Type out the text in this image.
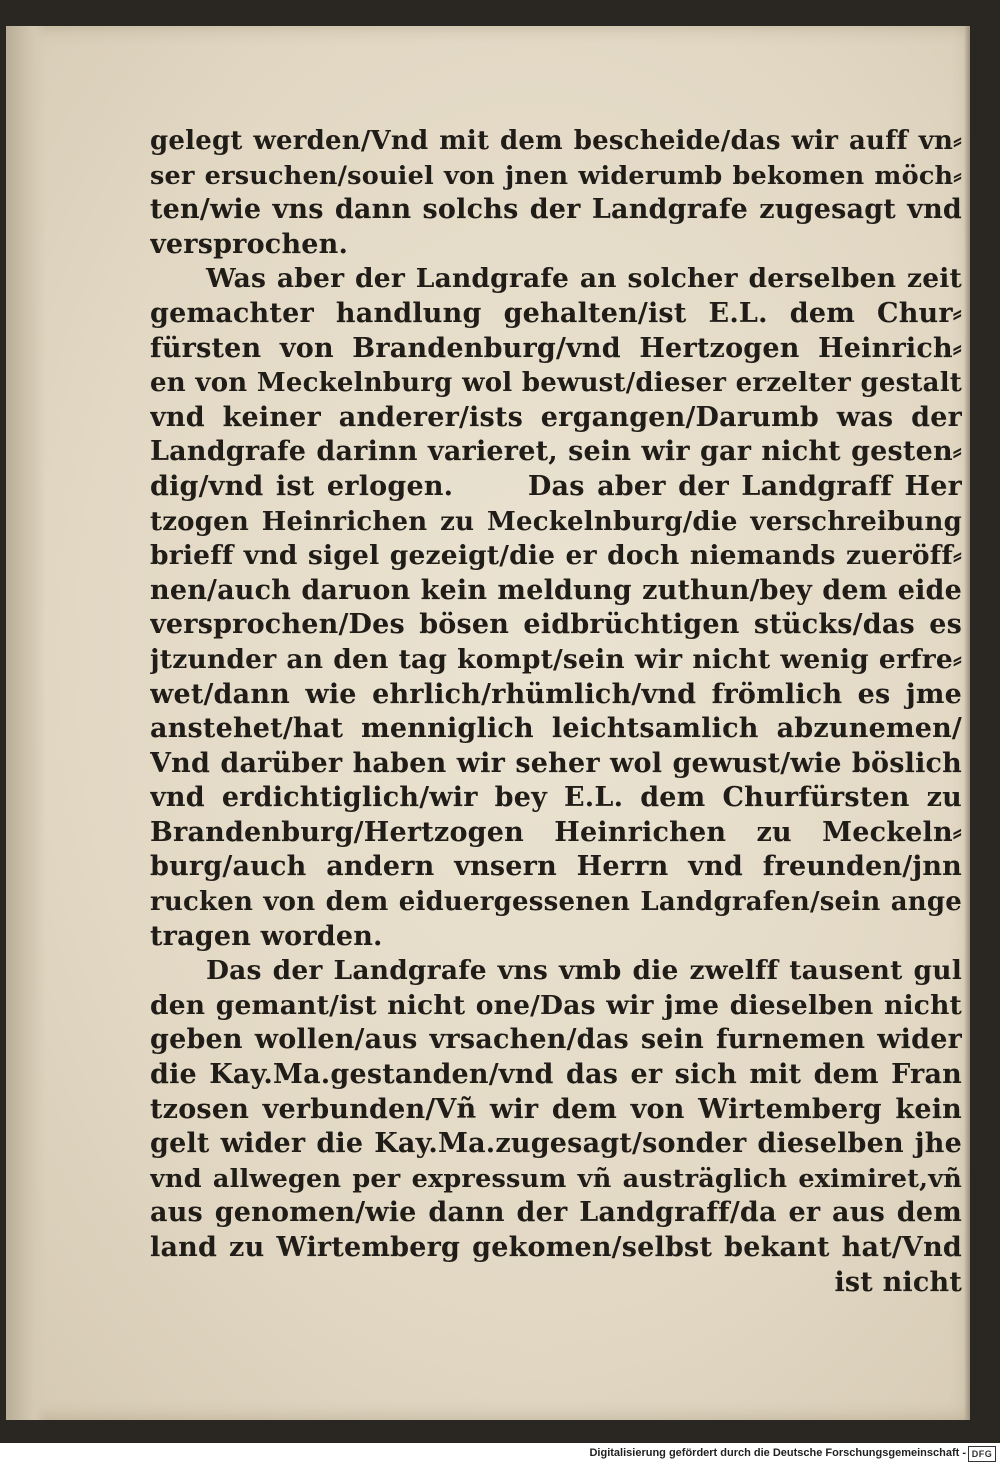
gelegt werden/Vnd mit dem bescheide/das wir auff vn⸗
ser ersuchen/souiel von jnen widerumb bekomen möch⸗
ten/wie vns dann solchs der Landgrafe zugesagt vnd
versprochen.
Was aber der Landgrafe an solcher derselben zeit
gemachter handlung gehalten/ist E.L. dem Chur⸗
fürsten von Brandenburg/vnd Hertzogen Heinrich⸗
en von Meckelnburg wol bewust/dieser erzelter gestalt
vnd keiner anderer/ists ergangen/Darumb was der
Landgrafe darinn varieret, sein wir gar nicht gesten⸗
dig/vnd ist erlogen.      Das aber der Landgraff Her
tzogen Heinrichen zu Meckelnburg/die verschreibung
brieff vnd sigel gezeigt/die er doch niemands zueröff⸗
nen/auch daruon kein meldung zuthun/bey dem eide
versprochen/Des bösen eidbrüchtigen stücks/das es
jtzunder an den tag kompt/sein wir nicht wenig erfre⸗
wet/dann wie ehrlich/rhümlich/vnd frömlich es jme
anstehet/hat menniglich leichtsamlich abzunemen/
Vnd darüber haben wir seher wol gewust/wie böslich
vnd erdichtiglich/wir bey E.L. dem Churfürsten zu
Brandenburg/Hertzogen Heinrichen zu Meckeln⸗
burg/auch andern vnsern Herrn vnd freunden/jnn
rucken von dem eiduergessenen Landgrafen/sein ange
tragen worden.
Das der Landgrafe vns vmb die zwelff tausent gul
den gemant/ist nicht one/Das wir jme dieselben nicht
geben wollen/aus vrsachen/das sein furnemen wider
die Kay.Ma.gestanden/vnd das er sich mit dem Fran
tzosen verbunden/Vñ wir dem von Wirtemberg kein
gelt wider die Kay.Ma.zugesagt/sonder dieselben jhe
vnd allwegen per expressum vñ austräglich eximiret,vñ
aus genomen/wie dann der Landgraff/da er aus dem
land zu Wirtemberg gekomen/selbst bekant hat/Vnd
ist nicht
Digitalisierung gefördert durch die Deutsche Forschungsgemeinschaft - DFG
